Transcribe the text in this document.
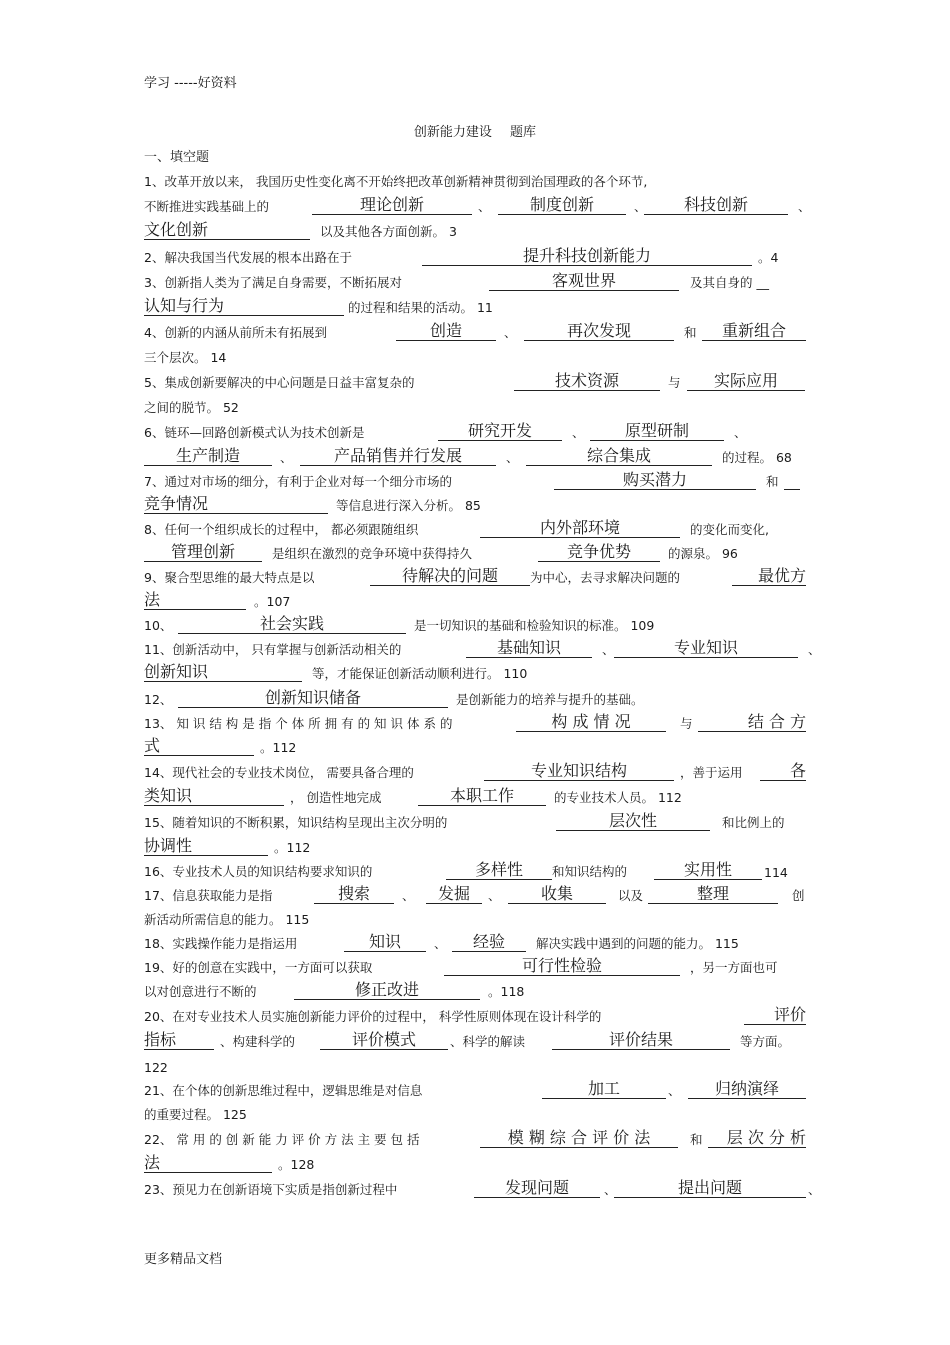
学习 -----好资料
创新能力建设 题库
一、填空题
1、改革开放以来， 我国历史性变化离不开始终把改革创新精神贯彻到治国理政的各个环节,
不断推进实践基础上的	理论创新	、	制度创新	、	科技创新	、
文化创新	以及其他各方面创新。 3
2、解决我国当代发展的根本出路在于	提升科技创新能力	。4
3、创新指人类为了满足自身需要，不断拓展对	客观世界	及其自身的 __
认知与行为	的过程和结果的活动。 11
4、创新的内涵从前所未有拓展到	创造	、	再次发现	和	重新组合
三个层次。 14
5、集成创新要解决的中心问题是日益丰富复杂的	技术资源	与	实际应用
之间的脱节。 52
6、链环—回路创新模式认为技术创新是	研究开发	、	原型研制	、
生产制造	、	产品销售并行发展	、	综合集成	的过程。 68
7、通过对市场的细分，有利于企业对每一个细分市场的	购买潜力	和
竞争情况	等信息进行深入分析。 85
8、任何一个组织成长的过程中， 都必须跟随组织	内外部环境	的变化而变化,
管理创新	是组织在激烈的竞争环境中获得持久	竞争优势	的源泉。 96
9、聚合型思维的最大特点是以	待解决的问题	为中心，去寻求解决问题的	最优方
法	。107
10、	社会实践	是一切知识的基础和检验知识的标准。 109
11、创新活动中， 只有掌握与创新活动相关的	基础知识	、	专业知识	、
创新知识	等，才能保证创新活动顺利进行。 110
12、	创新知识储备	是创新能力的培养与提升的基础。
13、 知 识 结 构 是 指 个 体 所 拥 有 的 知 识 体 系 的	构 成 情 况	与	结 合 方
式	。112
14、现代社会的专业技术岗位， 需要具备合理的	专业知识结构	，善于运用	各
类知识	， 创造性地完成	本职工作	的专业技术人员。 112
15、随着知识的不断积累，知识结构呈现出主次分明的	层次性	和比例上的
协调性	。112
16、专业技术人员的知识结构要求知识的	多样性	和知识结构的	实用性	114
17、信息获取能力是指	搜索	、	发掘	、	收集	以及	整理	创
新活动所需信息的能力。 115
18、实践操作能力是指运用	知识	、	经验	解决实践中遇到的问题的能力。 115
19、好的创意在实践中，一方面可以获取	可行性检验	，另一方面也可
以对创意进行不断的	修正改进	。118
20、在对专业技术人员实施创新能力评价的过程中， 科学性原则体现在设计科学的	评价
指标	、构建科学的	评价模式	、科学的解读	评价结果	等方面。
122
21、在个体的创新思维过程中，逻辑思维是对信息	加工	、	归纳演绎
的重要过程。 125
22、 常 用 的 创 新 能 力 评 价 方 法 主 要 包 括	模 糊 综 合 评 价 法	和	层 次 分 析
法	。128
23、预见力在创新语境下实质是指创新过程中	发现问题	、	提出问题	、
更多精品文档
